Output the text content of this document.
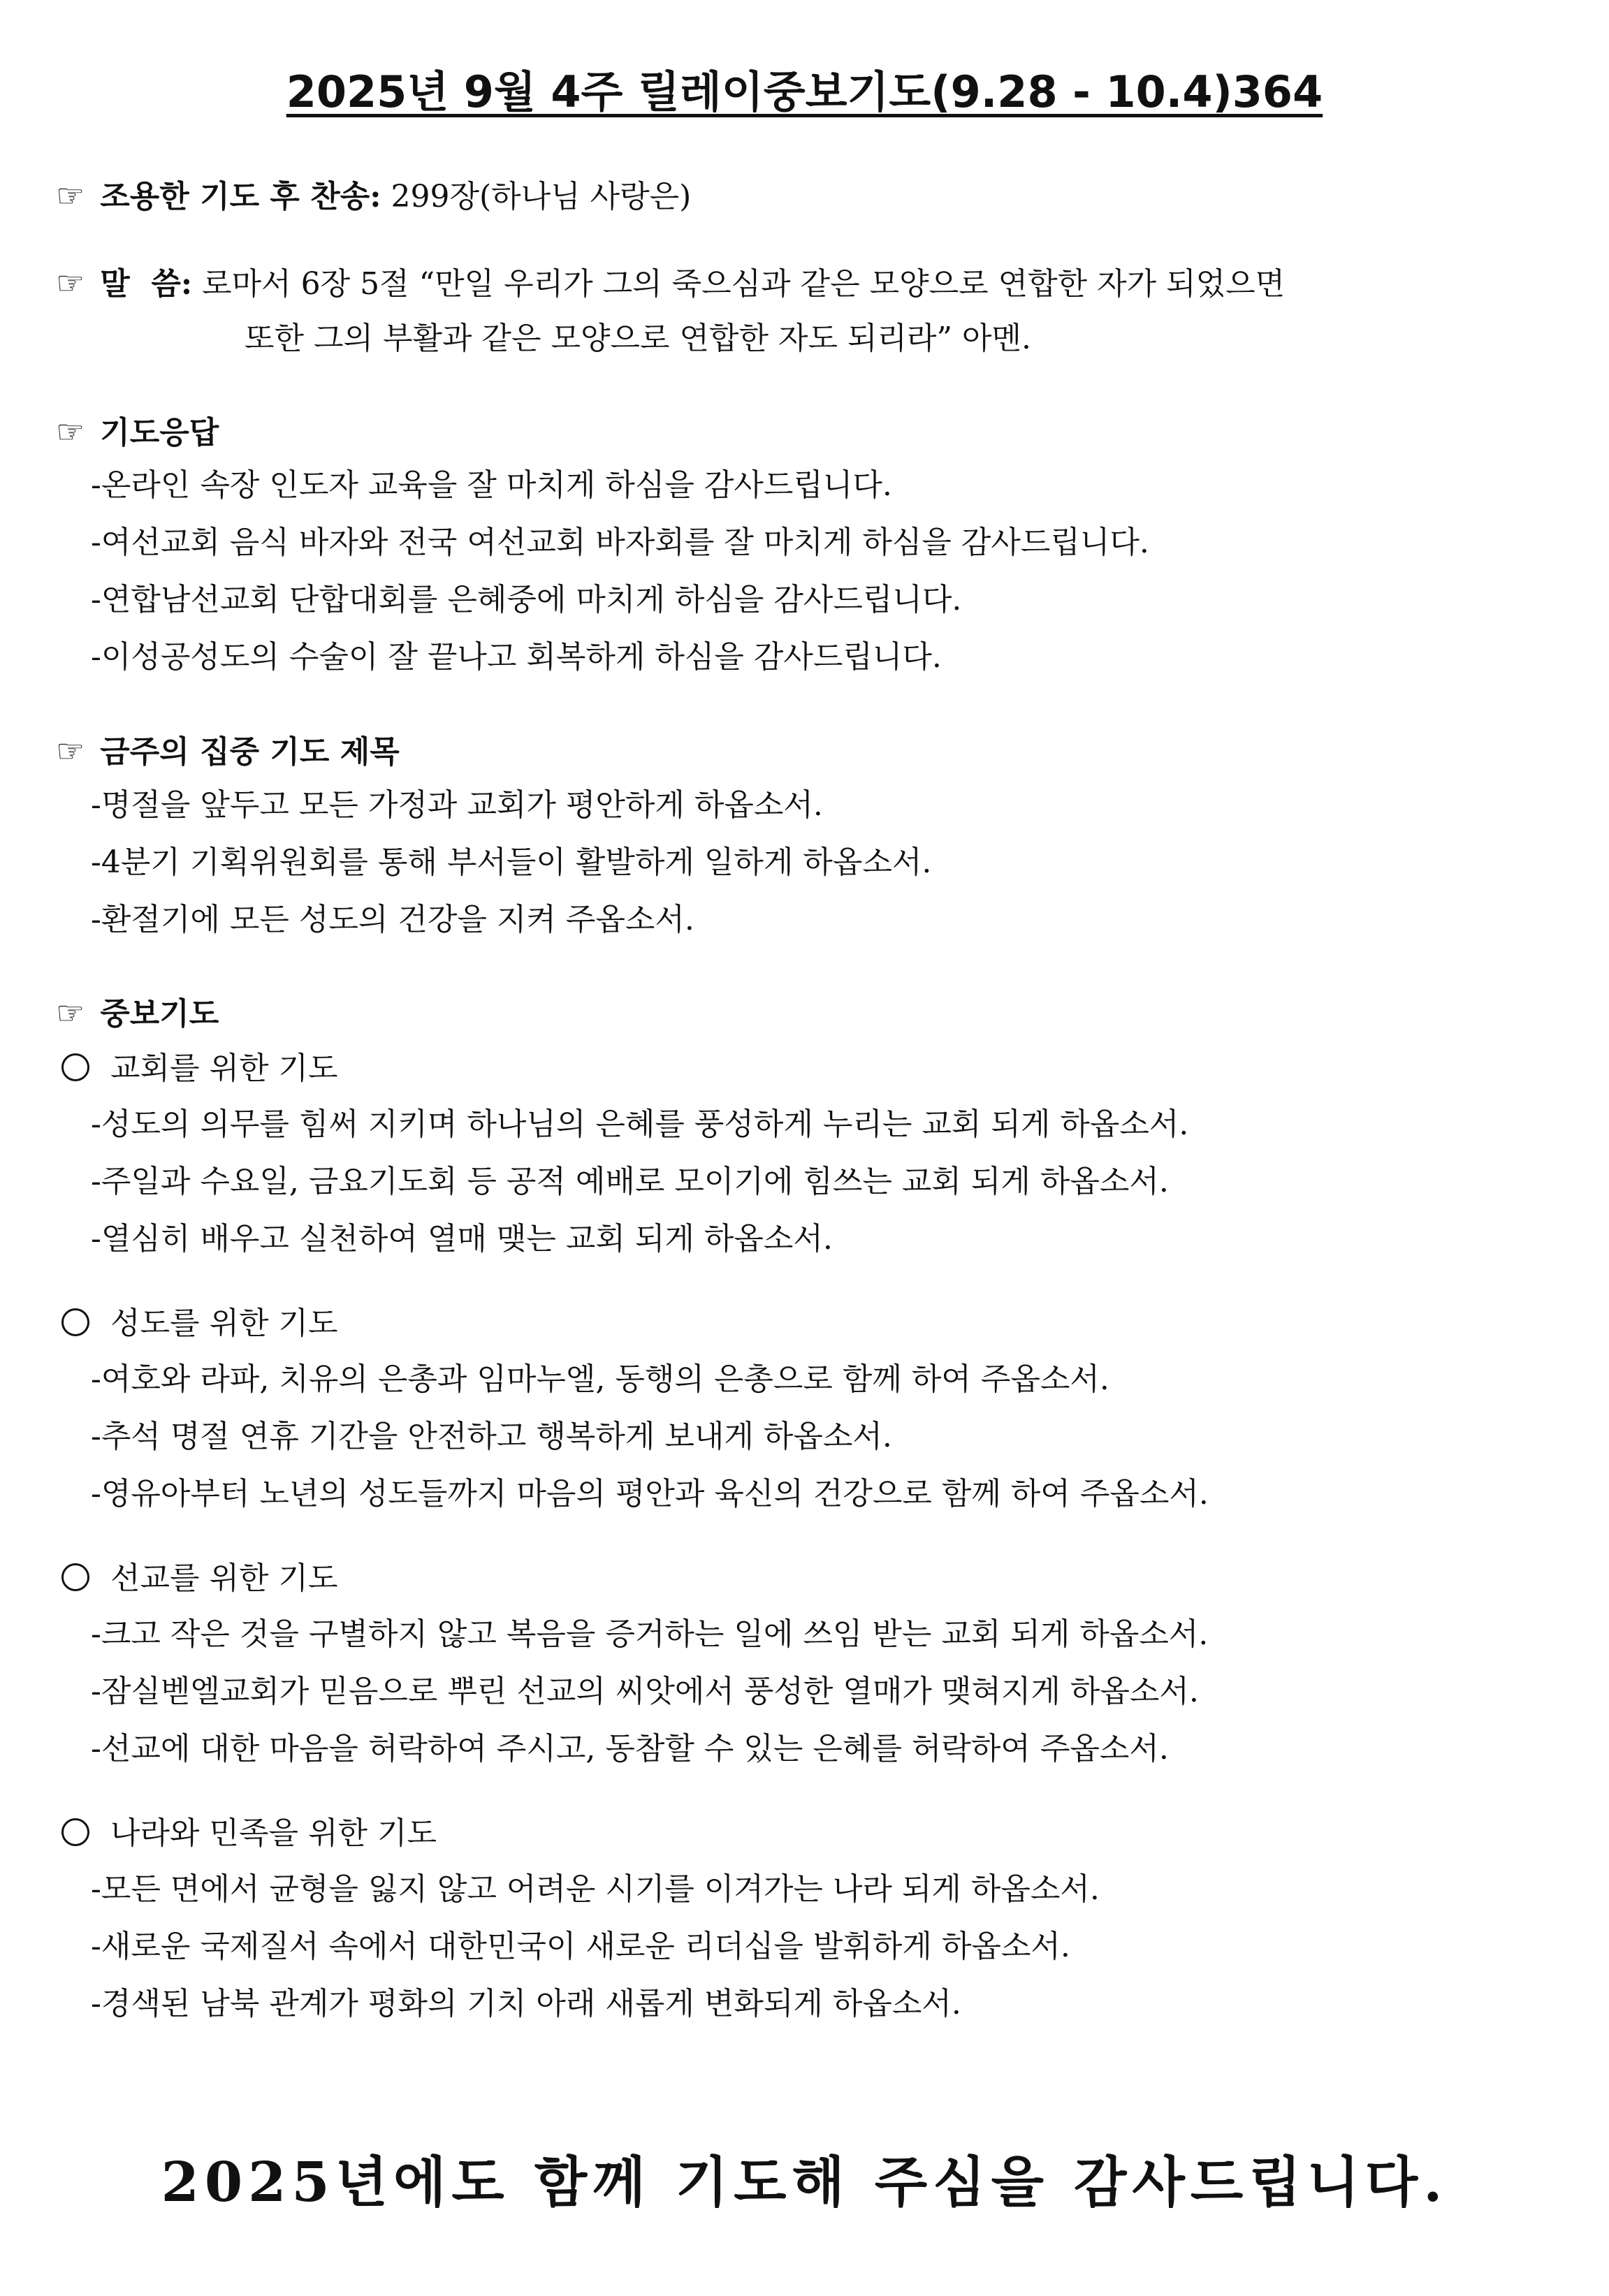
2025년 9월 4주 릴레이중보기도(9.28 - 10.4)364
☞ 조용한 기도 후 찬송: 299장(하나님 사랑은)
☞ 말  씀: 로마서 6장 5절 “만일 우리가 그의 죽으심과 같은 모양으로 연합한 자가 되었으면
또한 그의 부활과 같은 모양으로 연합한 자도 되리라” 아멘.
☞ 기도응답
-온라인 속장 인도자 교육을 잘 마치게 하심을 감사드립니다.
-여선교회 음식 바자와 전국 여선교회 바자회를 잘 마치게 하심을 감사드립니다.
-연합남선교회 단합대회를 은혜중에 마치게 하심을 감사드립니다.
-이성공성도의 수술이 잘 끝나고 회복하게 하심을 감사드립니다.
☞ 금주의 집중 기도 제목
-명절을 앞두고 모든 가정과 교회가 평안하게 하옵소서.
-4분기 기획위원회를 통해 부서들이 활발하게 일하게 하옵소서.
-환절기에 모든 성도의 건강을 지켜 주옵소서.
☞ 중보기도
교회를 위한 기도
-성도의 의무를 힘써 지키며 하나님의 은혜를 풍성하게 누리는 교회 되게 하옵소서.
-주일과 수요일, 금요기도회 등 공적 예배로 모이기에 힘쓰는 교회 되게 하옵소서.
-열심히 배우고 실천하여 열매 맺는 교회 되게 하옵소서.
성도를 위한 기도
-여호와 라파, 치유의 은총과 임마누엘, 동행의 은총으로 함께 하여 주옵소서.
-추석 명절 연휴 기간을 안전하고 행복하게 보내게 하옵소서.
-영유아부터 노년의 성도들까지 마음의 평안과 육신의 건강으로 함께 하여 주옵소서.
선교를 위한 기도
-크고 작은 것을 구별하지 않고 복음을 증거하는 일에 쓰임 받는 교회 되게 하옵소서.
-잠실벧엘교회가 믿음으로 뿌린 선교의 씨앗에서 풍성한 열매가 맺혀지게 하옵소서.
-선교에 대한 마음을 허락하여 주시고, 동참할 수 있는 은혜를 허락하여 주옵소서.
나라와 민족을 위한 기도
-모든 면에서 균형을 잃지 않고 어려운 시기를 이겨가는 나라 되게 하옵소서.
-새로운 국제질서 속에서 대한민국이 새로운 리더십을 발휘하게 하옵소서.
-경색된 남북 관계가 평화의 기치 아래 새롭게 변화되게 하옵소서.
2025년에도 함께 기도해 주심을 감사드립니다.
